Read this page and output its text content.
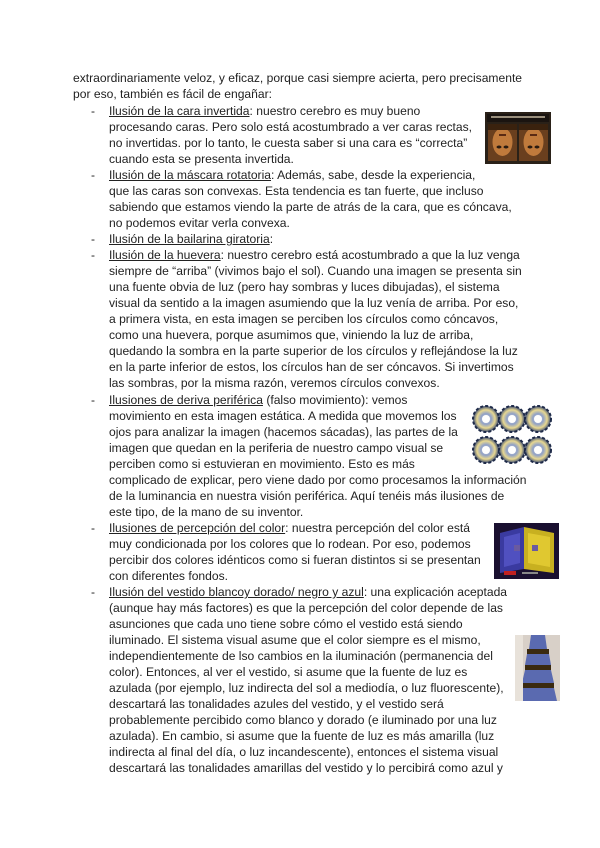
extraordinariamente veloz, y eficaz, porque casi siempre acierta, pero precisamente
por eso, también es fácil de engañar:
- Ilusión de la cara invertida: nuestro cerebro es muy bueno
procesando caras. Pero solo está acostumbrado a ver caras rectas,
no invertidas. por lo tanto, le cuesta saber si una cara es “correcta”
cuando esta se presenta invertida.
- Ilusión de la máscara rotatoria: Además, sabe, desde la experiencia,
que las caras son convexas. Esta tendencia es tan fuerte, que incluso
sabiendo que estamos viendo la parte de atrás de la cara, que es cóncava,
no podemos evitar verla convexa.
- Ilusión de la bailarina giratoria:
- Ilusión de la huevera: nuestro cerebro está acostumbrado a que la luz venga
siempre de “arriba” (vivimos bajo el sol). Cuando una imagen se presenta sin
una fuente obvia de luz (pero hay sombras y luces dibujadas), el sistema
visual da sentido a la imagen asumiendo que la luz venía de arriba. Por eso,
a primera vista, en esta imagen se perciben los círculos como cóncavos,
como una huevera, porque asumimos que, viniendo la luz de arriba,
quedando la sombra en la parte superior de los círculos y reflejándose la luz
en la parte inferior de estos, los círculos han de ser cóncavos. Si invertimos
las sombras, por la misma razón, veremos círculos convexos.
- Ilusiones de deriva periférica (falso movimiento): vemos
movimiento en esta imagen estática. A medida que movemos los
ojos para analizar la imagen (hacemos sácadas), las partes de la
imagen que quedan en la periferia de nuestro campo visual se
perciben como si estuvieran en movimiento. Esto es más
complicado de explicar, pero viene dado por como procesamos la información
de la luminancia en nuestra visión periférica. Aquí tenéis más ilusiones de
este tipo, de la mano de su inventor.
- Ilusiones de percepción del color: nuestra percepción del color está
muy condicionada por los colores que lo rodean. Por eso, podemos
percibir dos colores idénticos como si fueran distintos si se presentan
con diferentes fondos.
- Ilusión del vestido blancoy dorado/ negro y azul: una explicación aceptada
(aunque hay más factores) es que la percepción del color depende de las
asunciones que cada uno tiene sobre cómo el vestido está siendo
iluminado. El sistema visual asume que el color siempre es el mismo,
independientemente de lso cambios en la iluminación (permanencia del
color). Entonces, al ver el vestido, si asume que la fuente de luz es
azulada (por ejemplo, luz indirecta del sol a mediodía, o luz fluorescente),
descartará las tonalidades azules del vestido, y el vestido será
probablemente percibido como blanco y dorado (e iluminado por una luz
azulada). En cambio, si asume que la fuente de luz es más amarilla (luz
indirecta al final del día, o luz incandescente), entonces el sistema visual
descartará las tonalidades amarillas del vestido y lo percibirá como azul y
